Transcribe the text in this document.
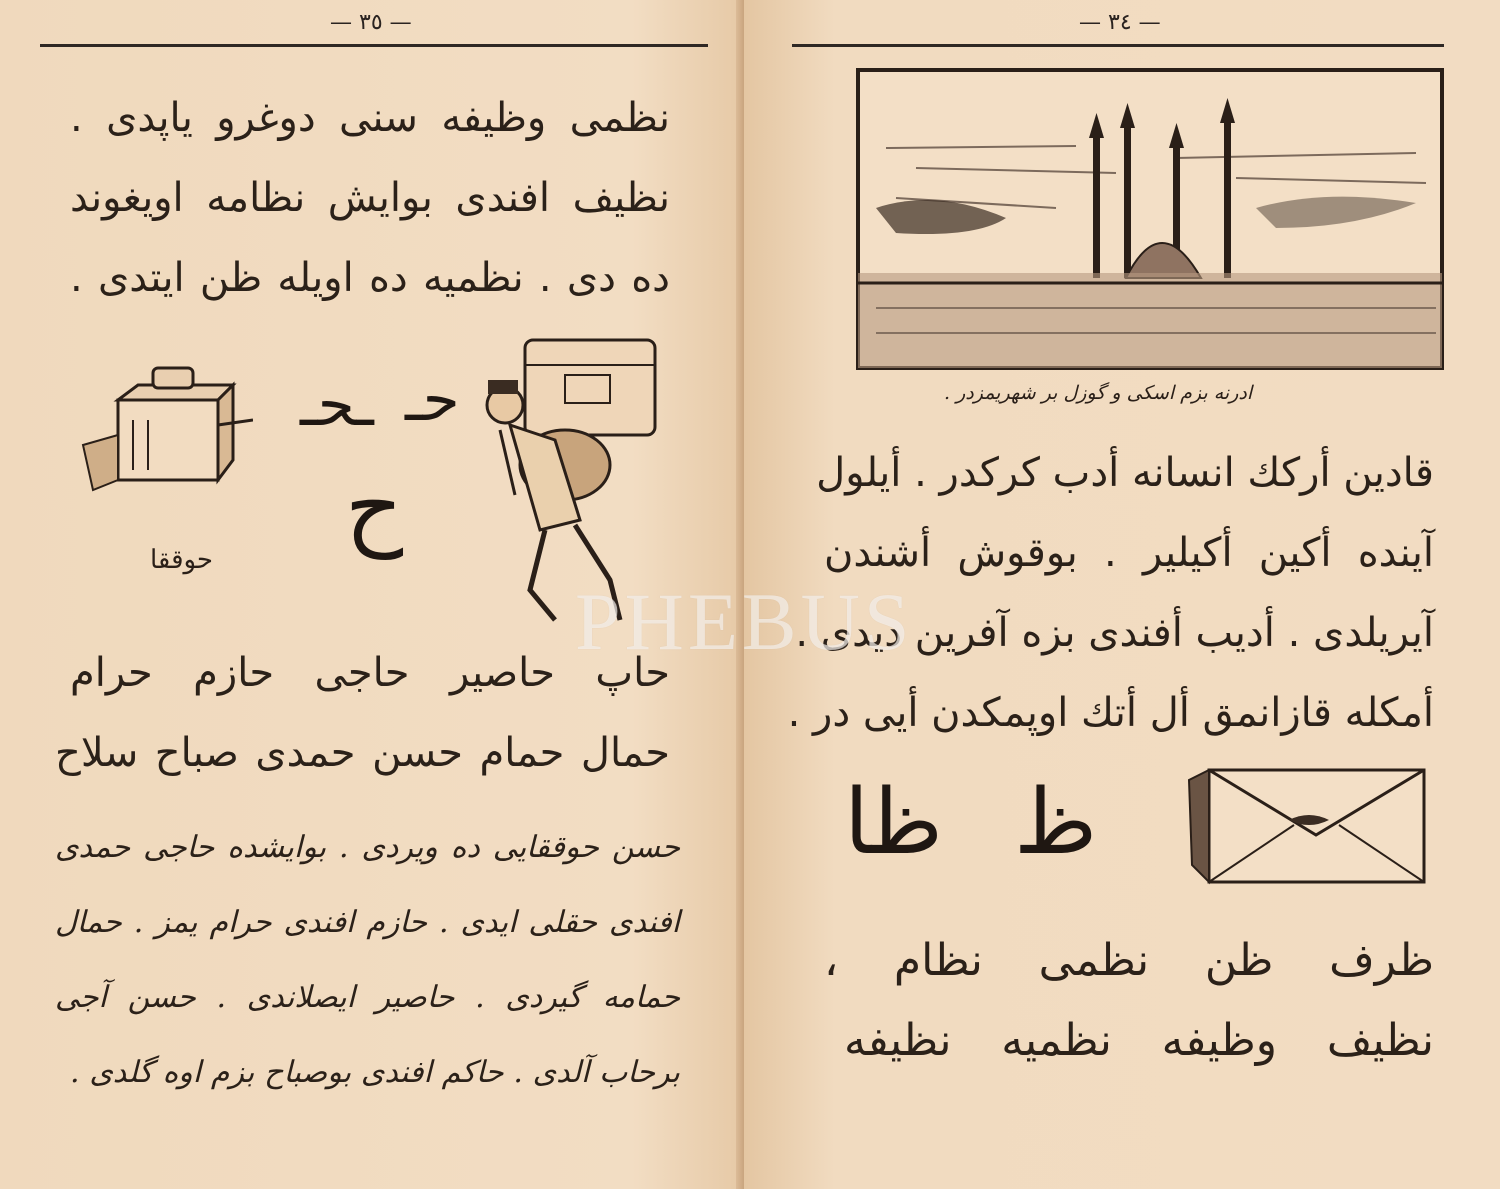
— ٣٥ —
نظمی وظیفه سنی دوغرو یاپدی .
نظیف افندی بوایش نظامه اویغوند
ده دی . نظمیه ده اویله ظن ایتدی .
حوققا
ـحـ حـ
ح
حاپ حاصیر حاجی حازم حرام
حمال حمام حسن حمدی صباح سلاح
حسن حوققایی ده ویردی . بوایشده حاجی حمدی
افندی حقلی ایدی . حازم افندی حرام یمز . حمال
حمامه گیردی . حاصیر ایصلاندی . حسن آجی
برحاب آلدی . حاکم افندی بوصباح بزم اوه گلدی .
— ٣٤ —
ادرنه بزم اسکی و گوزل بر شهریمزدر .
قادین أرکك انسانه أدب کرکدر . أیلول
آینده أکین أکیلیر . بوقوش أشندن
آیریلدی . أدیب أفندی بزه آفرین دیدی .
أمکله قازانمق أل أتك اوپمکدن أیی در .
ظ
ظا
ظرف ظن نظمی نظام ،
نظیف وظیفه نظمیه نظیفه
PHEBUS
